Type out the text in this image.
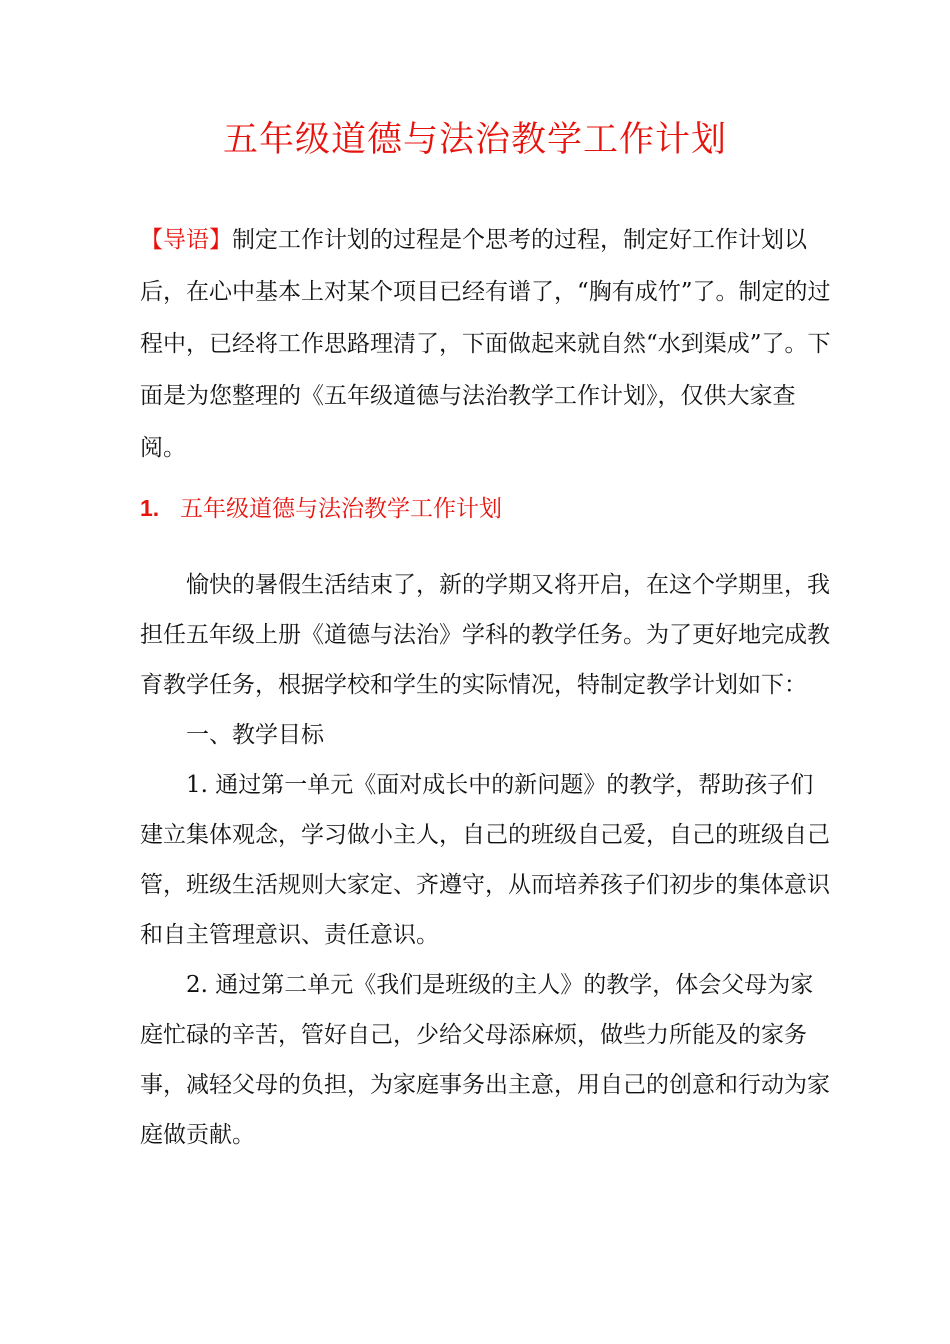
五年级道德与法治教学工作计划
【导语】制定工作计划的过程是个思考的过程，制定好工作计划以后，在心中基本上对某个项目已经有谱了，“胸有成竹”了。制定的过程中，已经将工作思路理清了，下面做起来就自然“水到渠成”了。下面是为您整理的《五年级道德与法治教学工作计划》，仅供大家查阅。
1. 五年级道德与法治教学工作计划

愉快的暑假生活结束了，新的学期又将开启，在这个学期里，我担任五年级上册《道德与法治》学科的教学任务。为了更好地完成教育教学任务，根据学校和学生的实际情况，特制定教学计划如下：

一、教学目标

1. 通过第一单元《面对成长中的新问题》的教学，帮助孩子们建立集体观念，学习做小主人，自己的班级自己爱，自己的班级自己管，班级生活规则大家定、齐遵守，从而培养孩子们初步的集体意识和自主管理意识、责任意识。

2. 通过第二单元《我们是班级的主人》的教学，体会父母为家庭忙碌的辛苦，管好自己，少给父母添麻烦，做些力所能及的家务事，减轻父母的负担，为家庭事务出主意，用自己的创意和行动为家庭做贡献。
